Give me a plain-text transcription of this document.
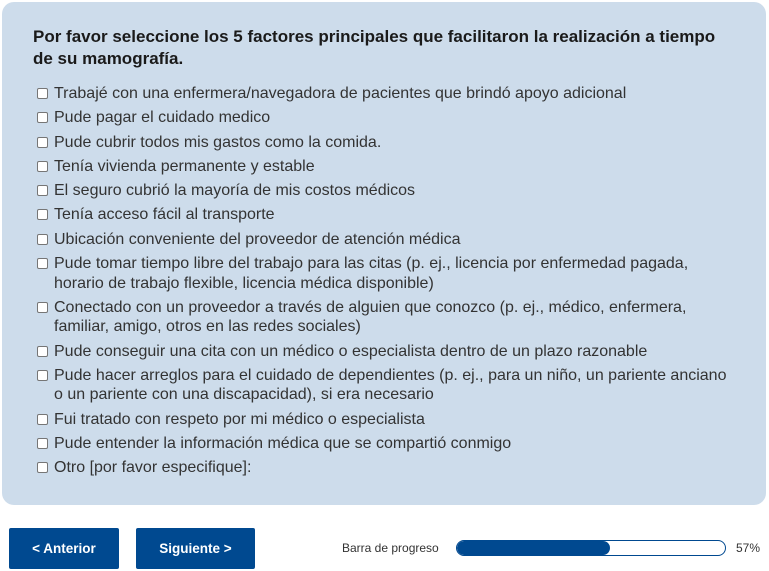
Por favor seleccione los 5 factores principales que facilitaron la realización a tiempo de su mamografía.
Trabajé con una enfermera/navegadora de pacientes que brindó apoyo adicional
Pude pagar el cuidado medico
Pude cubrir todos mis gastos como la comida.
Tenía vivienda permanente y estable
El seguro cubrió la mayoría de mis costos médicos
Tenía acceso fácil al transporte
Ubicación conveniente del proveedor de atención médica
Pude tomar tiempo libre del trabajo para las citas (p. ej., licencia por enfermedad pagada, horario de trabajo flexible, licencia médica disponible)
Conectado con un proveedor a través de alguien que conozco (p. ej., médico, enfermera, familiar, amigo, otros en las redes sociales)
Pude conseguir una cita con un médico o especialista dentro de un plazo razonable
Pude hacer arreglos para el cuidado de dependientes (p. ej., para un niño, un pariente anciano o un pariente con una discapacidad), si era necesario
Fui tratado con respeto por mi médico o especialista
Pude entender la información médica que se compartió conmigo
Otro [por favor especifique]:
< Anterior	Siguiente >	Barra de progreso	57%
